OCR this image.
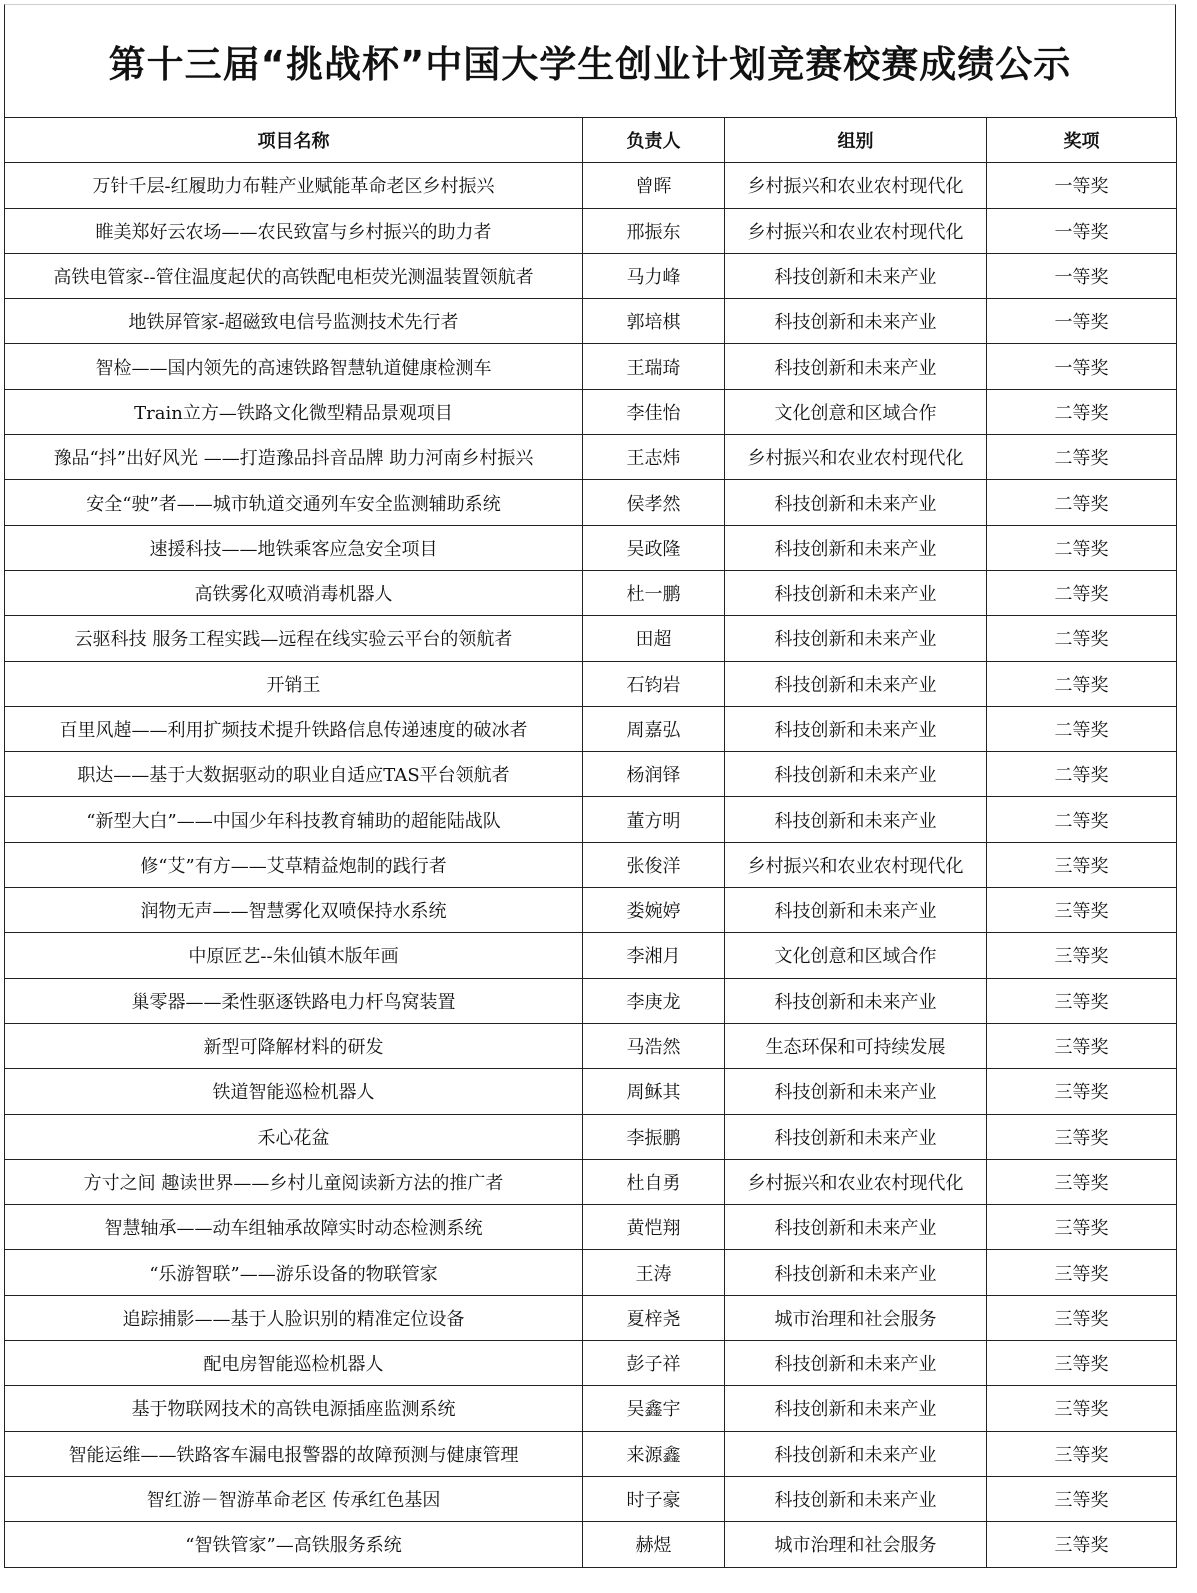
第十三届“挑战杯”中国大学生创业计划竞赛校赛成绩公示
项目名称	负责人	组别	奖项
万针千层-红履助力布鞋产业赋能革命老区乡村振兴	曾晖	乡村振兴和农业农村现代化	一等奖
睢美郑好云农场——农民致富与乡村振兴的助力者	邢振东	乡村振兴和农业农村现代化	一等奖
高铁电管家--管住温度起伏的高铁配电柜荧光测温装置领航者	马力峰	科技创新和未来产业	一等奖
地铁屏管家-超磁致电信号监测技术先行者	郭培棋	科技创新和未来产业	一等奖
智检——国内领先的高速铁路智慧轨道健康检测车	王瑞琦	科技创新和未来产业	一等奖
Train立方—铁路文化微型精品景观项目	李佳怡	文化创意和区域合作	二等奖
豫品“抖”出好风光 ——打造豫品抖音品牌 助力河南乡村振兴	王志炜	乡村振兴和农业农村现代化	二等奖
安全“驶”者——城市轨道交通列车安全监测辅助系统	侯孝然	科技创新和未来产业	二等奖
速援科技——地铁乘客应急安全项目	吴政隆	科技创新和未来产业	二等奖
高铁雾化双喷消毒机器人	杜一鹏	科技创新和未来产业	二等奖
云驱科技 服务工程实践—远程在线实验云平台的领航者	田超	科技创新和未来产业	二等奖
开销王	石钧岩	科技创新和未来产业	二等奖
百里风趠——利用扩频技术提升铁路信息传递速度的破冰者	周嘉弘	科技创新和未来产业	二等奖
职达——基于大数据驱动的职业自适应TAS平台领航者	杨润铎	科技创新和未来产业	二等奖
“新型大白”——中国少年科技教育辅助的超能陆战队	董方明	科技创新和未来产业	二等奖
修“艾”有方——艾草精益炮制的践行者	张俊洋	乡村振兴和农业农村现代化	三等奖
润物无声——智慧雾化双喷保持水系统	娄婉婷	科技创新和未来产业	三等奖
中原匠艺--朱仙镇木版年画	李湘月	文化创意和区域合作	三等奖
巢零器——柔性驱逐铁路电力杆鸟窝装置	李庚龙	科技创新和未来产业	三等奖
新型可降解材料的研发	马浩然	生态环保和可持续发展	三等奖
铁道智能巡检机器人	周稣其	科技创新和未来产业	三等奖
禾心花盆	李振鹏	科技创新和未来产业	三等奖
方寸之间 趣读世界——乡村儿童阅读新方法的推广者	杜自勇	乡村振兴和农业农村现代化	三等奖
智慧轴承——动车组轴承故障实时动态检测系统	黄恺翔	科技创新和未来产业	三等奖
“乐游智联”——游乐设备的物联管家	王涛	科技创新和未来产业	三等奖
追踪捕影——基于人脸识别的精准定位设备	夏梓尧	城市治理和社会服务	三等奖
配电房智能巡检机器人	彭子祥	科技创新和未来产业	三等奖
基于物联网技术的高铁电源插座监测系统	吴鑫宇	科技创新和未来产业	三等奖
智能运维——铁路客车漏电报警器的故障预测与健康管理	来源鑫	科技创新和未来产业	三等奖
智红游－智游革命老区 传承红色基因	时子豪	科技创新和未来产业	三等奖
“智铁管家”—高铁服务系统	赫煜	城市治理和社会服务	三等奖
